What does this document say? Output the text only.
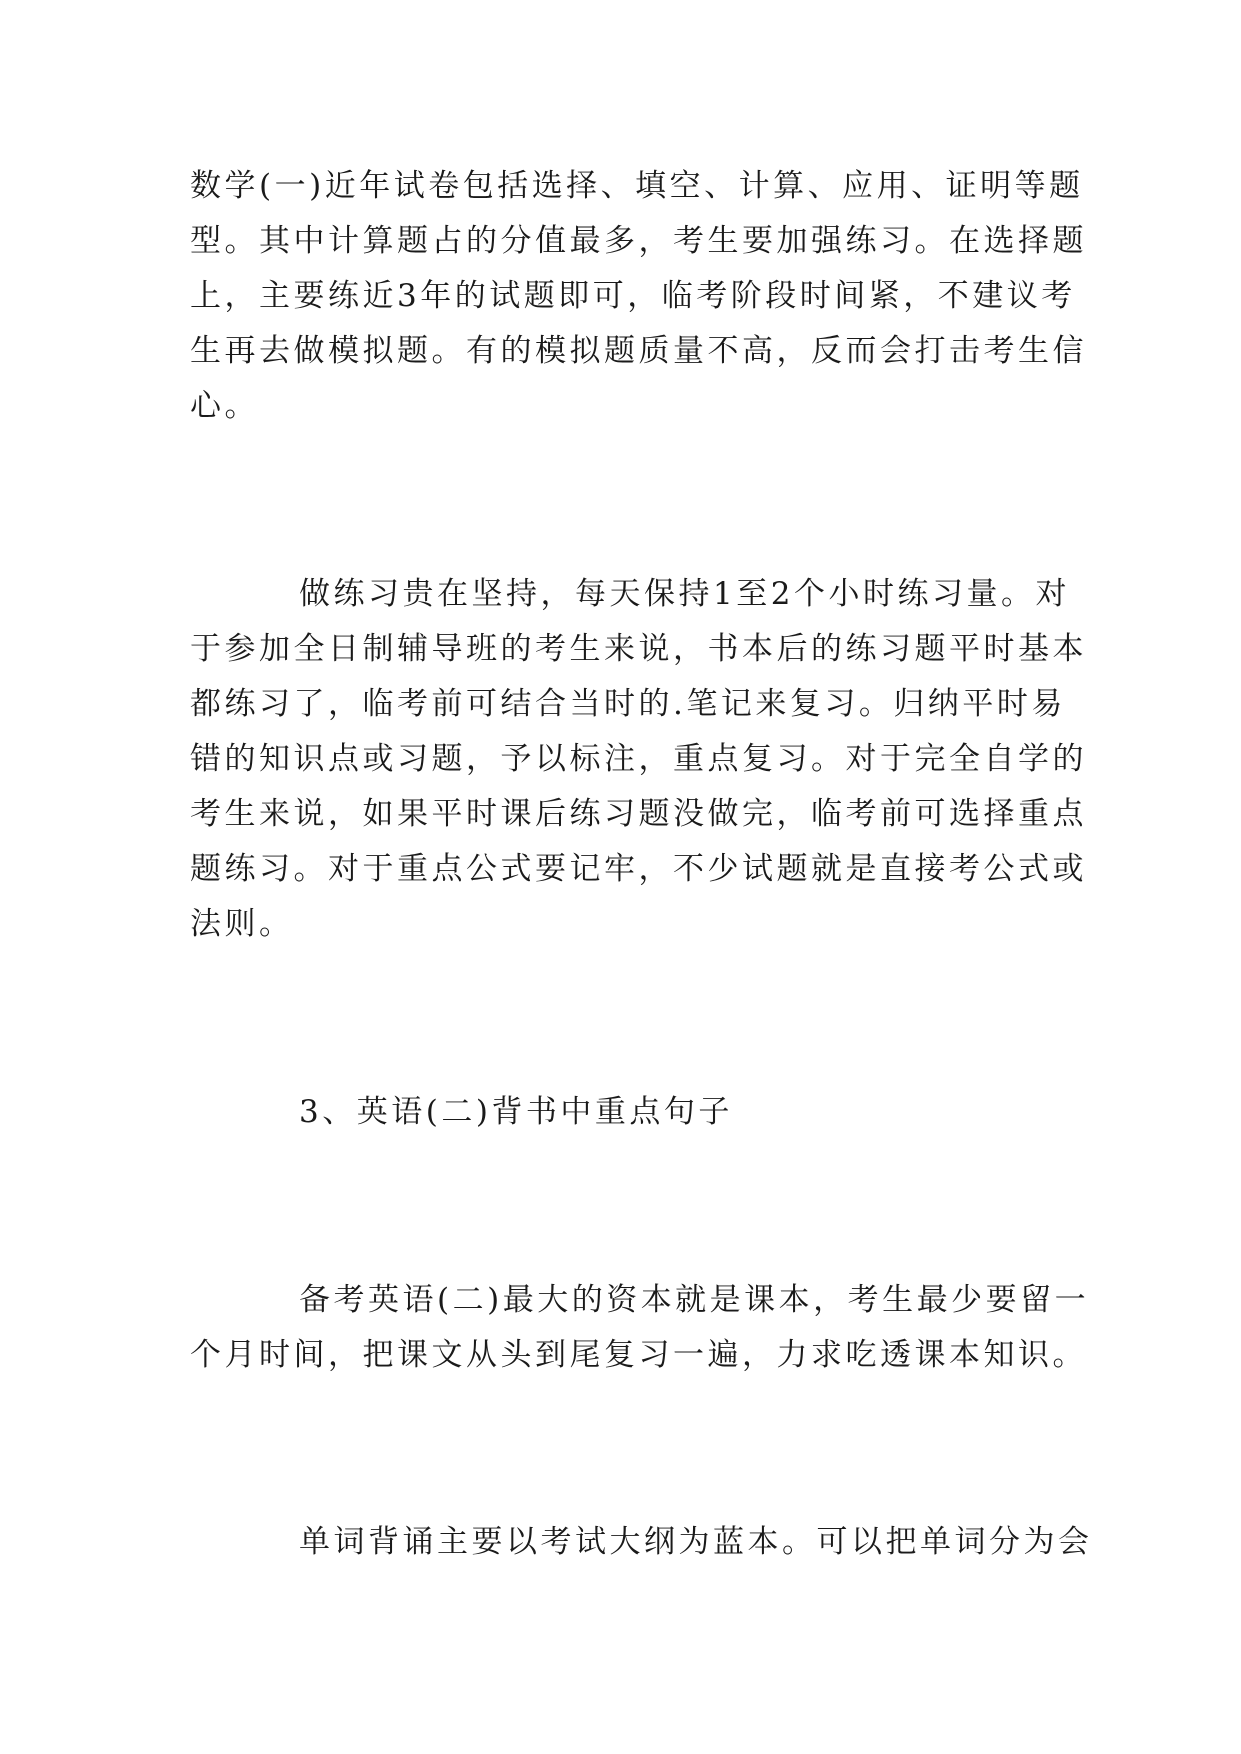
数学(一)近年试卷包括选择、填空、计算、应用、证明等题
型。其中计算题占的分值最多，考生要加强练习。在选择题
上，主要练近3年的试题即可，临考阶段时间紧，不建议考
生再去做模拟题。有的模拟题质量不高，反而会打击考生信
心。
做练习贵在坚持，每天保持1至2个小时练习量。对
于参加全日制辅导班的考生来说，书本后的练习题平时基本
都练习了，临考前可结合当时的.笔记来复习。归纳平时易
错的知识点或习题，予以标注，重点复习。对于完全自学的
考生来说，如果平时课后练习题没做完，临考前可选择重点
题练习。对于重点公式要记牢，不少试题就是直接考公式或
法则。
3、英语(二)背书中重点句子
备考英语(二)最大的资本就是课本，考生最少要留一
个月时间，把课文从头到尾复习一遍，力求吃透课本知识。
单词背诵主要以考试大纲为蓝本。可以把单词分为会
